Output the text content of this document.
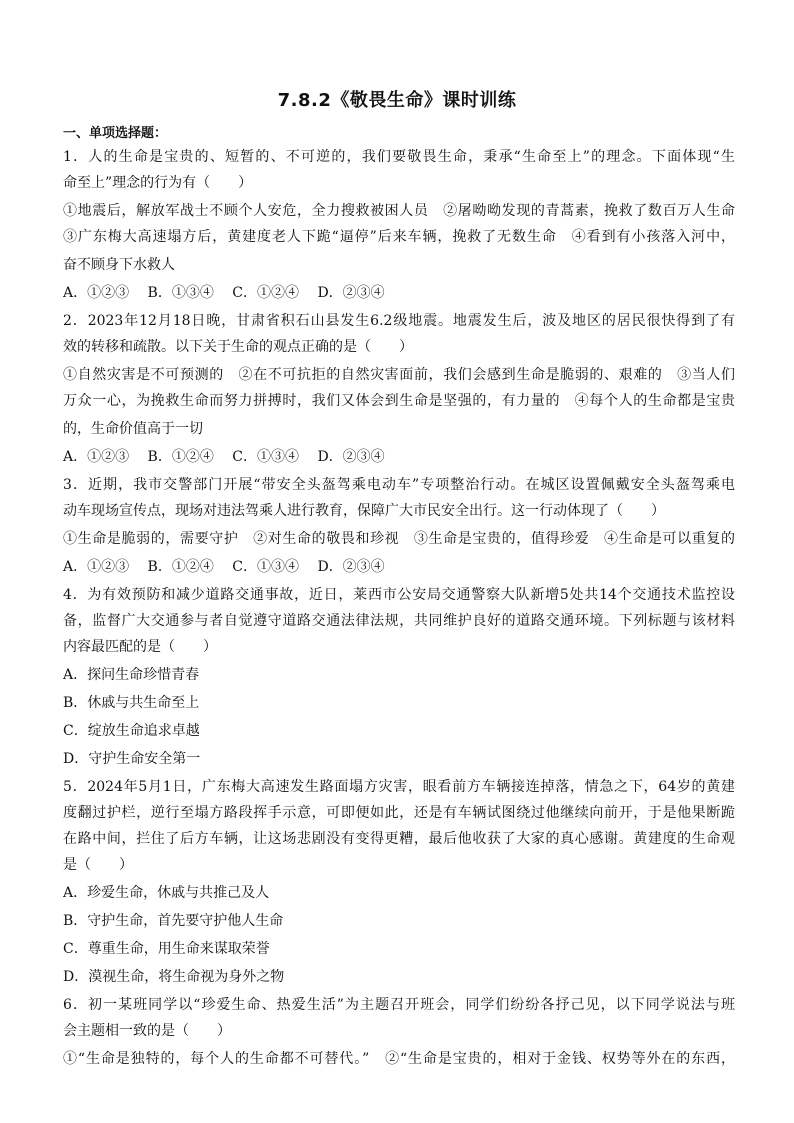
7.8.2《敬畏生命》课时训练
一、单项选择题：
1．人的生命是宝贵的、短暂的、不可逆的，我们要敬畏生命，秉承“生命至上”的理念。下面体现“生
命至上”理念的行为有（　　）
①地震后，解放军战士不顾个人安危，全力搜救被困人员　②屠呦呦发现的青蒿素，挽救了数百万人生命
③广东梅大高速塌方后，黄建度老人下跪“逼停”后来车辆，挽救了无数生命　④看到有小孩落入河中，
奋不顾身下水救人
A．①②③　 B．①③④　 C．①②④　 D．②③④
2．2023年12月18日晚，甘肃省积石山县发生6.2级地震。地震发生后，波及地区的居民很快得到了有
效的转移和疏散。以下关于生命的观点正确的是（　　）
①自然灾害是不可预测的　②在不可抗拒的自然灾害面前，我们会感到生命是脆弱的、艰难的　③当人们
万众一心，为挽救生命而努力拼搏时，我们又体会到生命是坚强的，有力量的　④每个人的生命都是宝贵
的，生命价值高于一切
A．①②③　 B．①②④　 C．①③④　 D．②③④
3．近期，我市交警部门开展“带安全头盔驾乘电动车”专项整治行动。在城区设置佩戴安全头盔驾乘电
动车现场宣传点，现场对违法驾乘人进行教育，保障广大市民安全出行。这一行动体现了（　　）
①生命是脆弱的，需要守护　②对生命的敬畏和珍视　③生命是宝贵的，值得珍爱　④生命是可以重复的
A．①②③　 B．①②④　 C．①③④　 D．②③④
4．为有效预防和减少道路交通事故，近日，莱西市公安局交通警察大队新增5处共14个交通技术监控设
备，监督广大交通参与者自觉遵守道路交通法律法规，共同维护良好的道路交通环境。下列标题与该材料
内容最匹配的是（　　）
A．探问生命珍惜青春
B．休戚与共生命至上
C．绽放生命追求卓越
D．守护生命安全第一
5．2024年5月1日，广东梅大高速发生路面塌方灾害，眼看前方车辆接连掉落，情急之下，64岁的黄建
度翻过护栏，逆行至塌方路段挥手示意，可即便如此，还是有车辆试图绕过他继续向前开，于是他果断跪
在路中间，拦住了后方车辆，让这场悲剧没有变得更糟，最后他收获了大家的真心感谢。黄建度的生命观
是（　　）
A．珍爱生命，休戚与共推己及人
B．守护生命，首先要守护他人生命
C．尊重生命，用生命来谋取荣誉
D．漠视生命，将生命视为身外之物
6．初一某班同学以“珍爱生命、热爱生活”为主题召开班会，同学们纷纷各抒己见，以下同学说法与班
会主题相一致的是（　　）
①“生命是独特的，每个人的生命都不可替代。”　②“生命是宝贵的，相对于金钱、权势等外在的东西，
